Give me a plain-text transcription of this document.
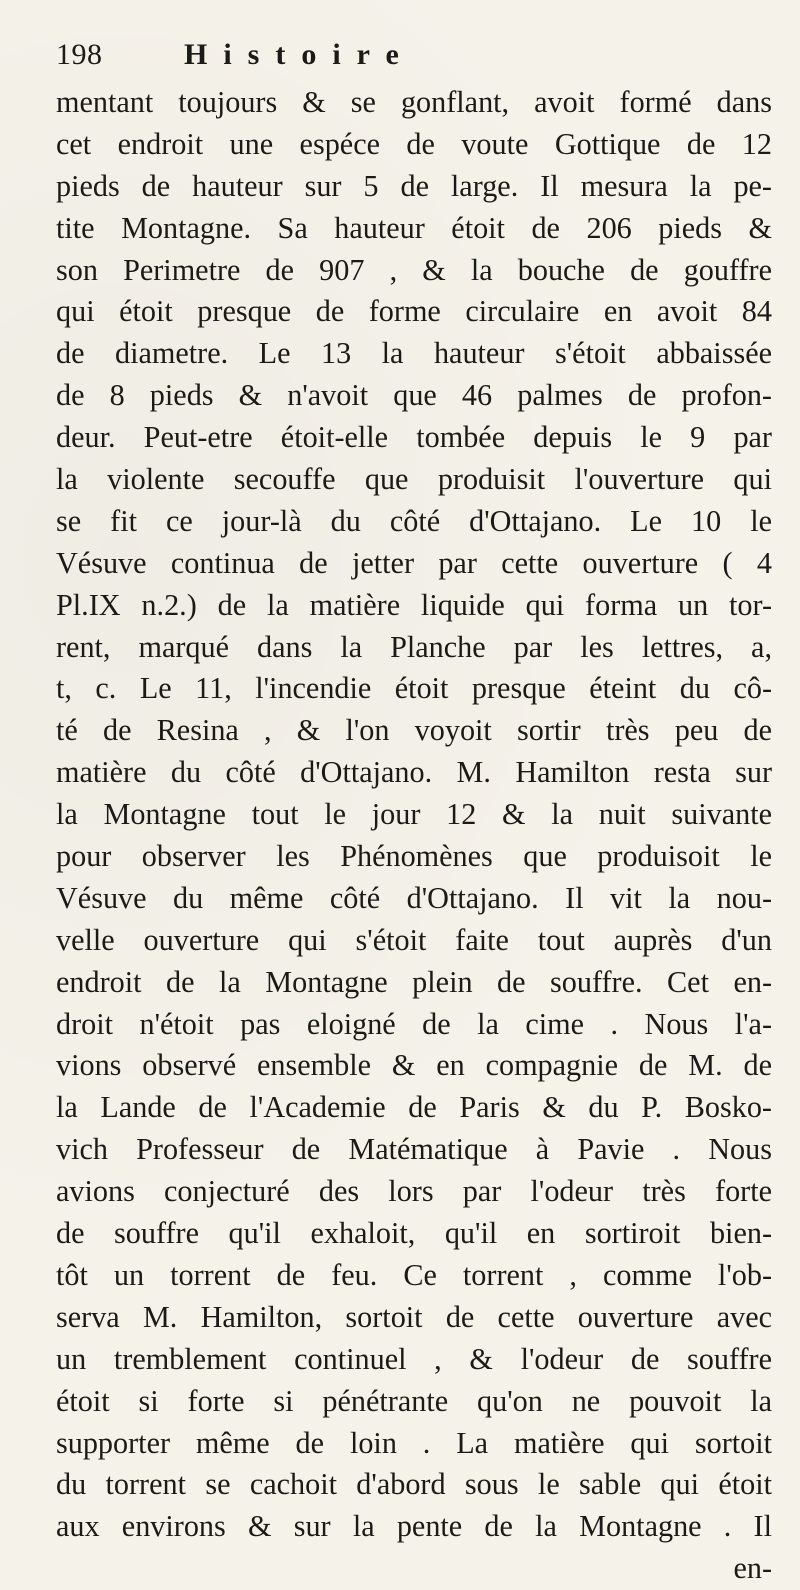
198	Histoire
mentant toujours & se gonflant, avoit formé dans
cet endroit une espéce de voute Gottique de 12
pieds de hauteur sur 5 de large. Il mesura la pe-
tite Montagne. Sa hauteur étoit de 206 pieds &
son Perimetre de 907 , & la bouche de gouffre
qui étoit presque de forme circulaire en avoit 84
de diametre. Le 13 la hauteur s'étoit abbaissée
de 8 pieds & n'avoit que 46 palmes de profon-
deur. Peut-etre étoit-elle tombée depuis le 9 par
la violente secouffe que produisit l'ouverture qui
se fit ce jour-là du côté d'Ottajano. Le 10 le
Vésuve continua de jetter par cette ouverture ( 4
Pl.IX n.2.) de la matière liquide qui forma un tor-
rent, marqué dans la Planche par les lettres, a,
t, c. Le 11, l'incendie étoit presque éteint du cô-
té de Resina , & l'on voyoit sortir très peu de
matière du côté d'Ottajano. M. Hamilton resta sur
la Montagne tout le jour 12 & la nuit suivante
pour observer les Phénomènes que produisoit le
Vésuve du même côté d'Ottajano. Il vit la nou-
velle ouverture qui s'étoit faite tout auprès d'un
endroit de la Montagne plein de souffre. Cet en-
droit n'étoit pas eloigné de la cime . Nous l'a-
vions observé ensemble & en compagnie de M. de
la Lande de l'Academie de Paris & du P. Bosko-
vich Professeur de Matématique à Pavie . Nous
avions conjecturé des lors par l'odeur très forte
de souffre qu'il exhaloit, qu'il en sortiroit bien-
tôt un torrent de feu. Ce torrent , comme l'ob-
serva M. Hamilton, sortoit de cette ouverture avec
un tremblement continuel , & l'odeur de souffre
étoit si forte si pénétrante qu'on ne pouvoit la
supporter même de loin . La matière qui sortoit
du torrent se cachoit d'abord sous le sable qui étoit
aux environs & sur la pente de la Montagne . Il
en-
